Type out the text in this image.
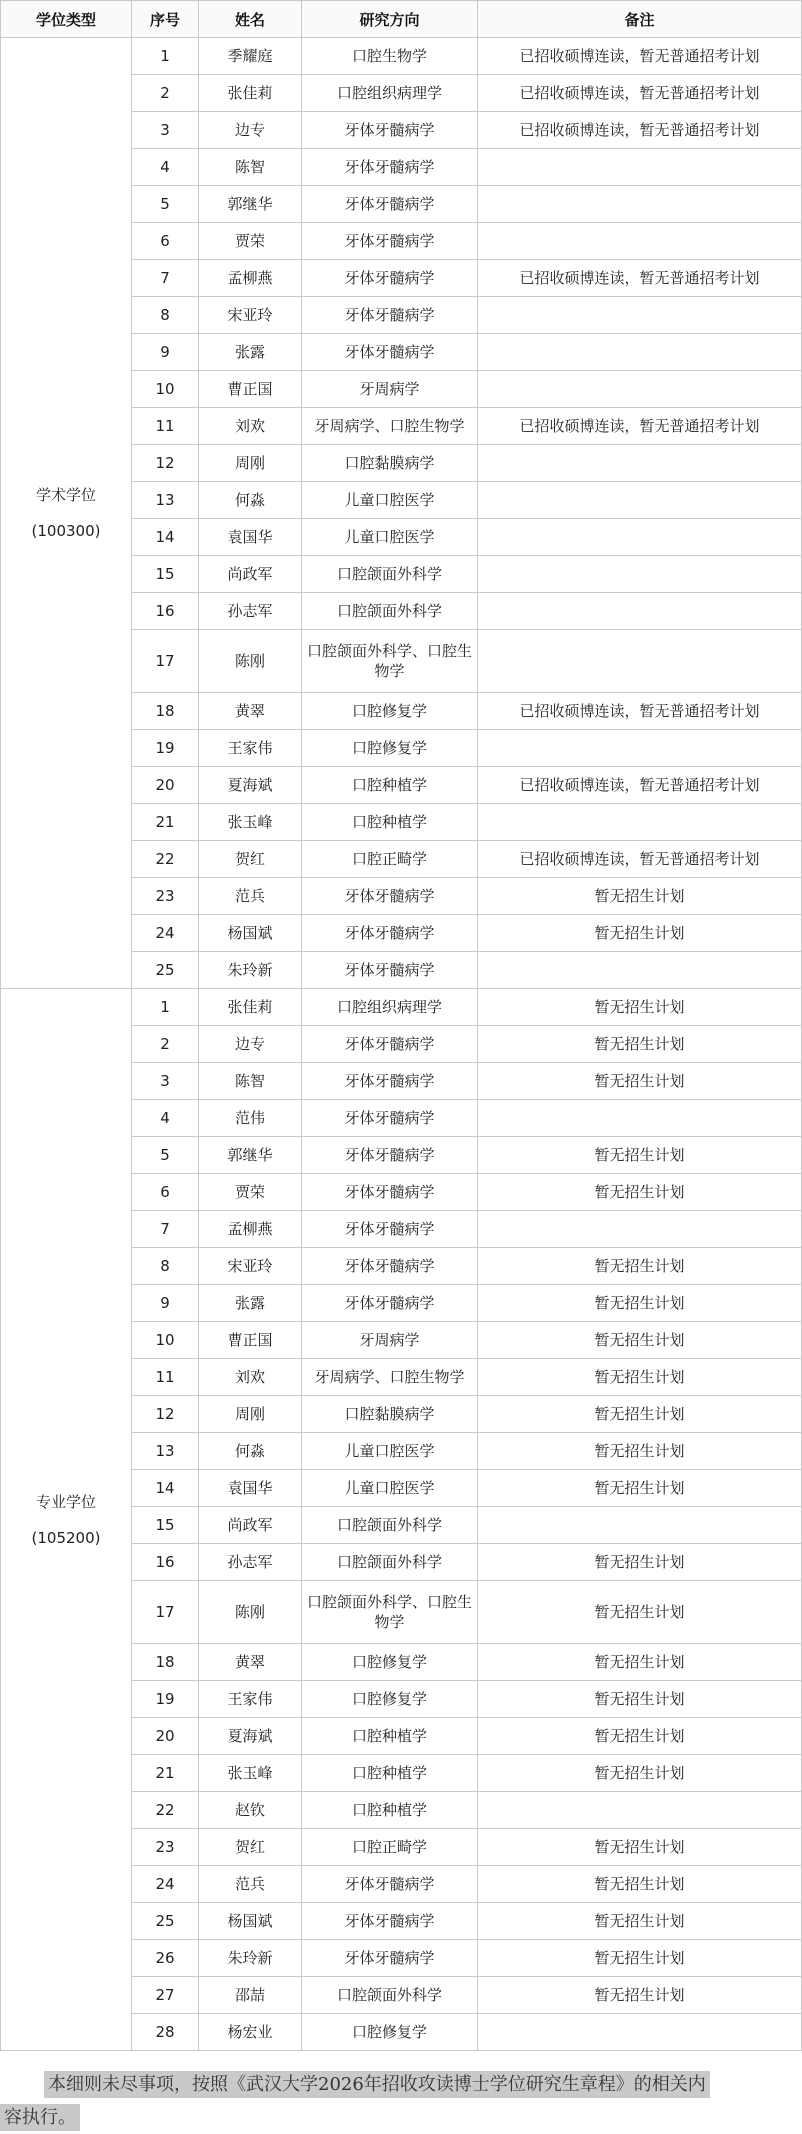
学位类型	序号	姓名	研究方向	备注

学术学位
(100300)	1	季耀庭	口腔生物学	已招收硕博连读，暂无普通招考计划
	2	张佳莉	口腔组织病理学	已招收硕博连读，暂无普通招考计划
	3	边专	牙体牙髓病学	已招收硕博连读，暂无普通招考计划
	4	陈智	牙体牙髓病学	
	5	郭继华	牙体牙髓病学	
	6	贾荣	牙体牙髓病学	
	7	孟柳燕	牙体牙髓病学	已招收硕博连读，暂无普通招考计划
	8	宋亚玲	牙体牙髓病学	
	9	张露	牙体牙髓病学	
	10	曹正国	牙周病学	
	11	刘欢	牙周病学、口腔生物学	已招收硕博连读，暂无普通招考计划
	12	周刚	口腔黏膜病学	
	13	何淼	儿童口腔医学	
	14	袁国华	儿童口腔医学	
	15	尚政军	口腔颌面外科学	
	16	孙志军	口腔颌面外科学	
	17	陈刚	口腔颌面外科学、口腔生物学	
	18	黄翠	口腔修复学	已招收硕博连读，暂无普通招考计划
	19	王家伟	口腔修复学	
	20	夏海斌	口腔种植学	已招收硕博连读，暂无普通招考计划
	21	张玉峰	口腔种植学	
	22	贺红	口腔正畸学	已招收硕博连读，暂无普通招考计划
	23	范兵	牙体牙髓病学	暂无招生计划
	24	杨国斌	牙体牙髓病学	暂无招生计划
	25	朱玲新	牙体牙髓病学	

专业学位
(105200)	1	张佳莉	口腔组织病理学	暂无招生计划
	2	边专	牙体牙髓病学	暂无招生计划
	3	陈智	牙体牙髓病学	暂无招生计划
	4	范伟	牙体牙髓病学	
	5	郭继华	牙体牙髓病学	暂无招生计划
	6	贾荣	牙体牙髓病学	暂无招生计划
	7	孟柳燕	牙体牙髓病学	
	8	宋亚玲	牙体牙髓病学	暂无招生计划
	9	张露	牙体牙髓病学	暂无招生计划
	10	曹正国	牙周病学	暂无招生计划
	11	刘欢	牙周病学、口腔生物学	暂无招生计划
	12	周刚	口腔黏膜病学	暂无招生计划
	13	何淼	儿童口腔医学	暂无招生计划
	14	袁国华	儿童口腔医学	暂无招生计划
	15	尚政军	口腔颌面外科学	
	16	孙志军	口腔颌面外科学	暂无招生计划
	17	陈刚	口腔颌面外科学、口腔生物学	暂无招生计划
	18	黄翠	口腔修复学	暂无招生计划
	19	王家伟	口腔修复学	暂无招生计划
	20	夏海斌	口腔种植学	暂无招生计划
	21	张玉峰	口腔种植学	暂无招生计划
	22	赵钦	口腔种植学	
	23	贺红	口腔正畸学	暂无招生计划
	24	范兵	牙体牙髓病学	暂无招生计划
	25	杨国斌	牙体牙髓病学	暂无招生计划
	26	朱玲新	牙体牙髓病学	暂无招生计划
	27	邵喆	口腔颌面外科学	暂无招生计划
	28	杨宏业	口腔修复学	
本细则未尽事项，按照《武汉大学2026年招收攻读博士学位研究生章程》的相关内
容执行。
